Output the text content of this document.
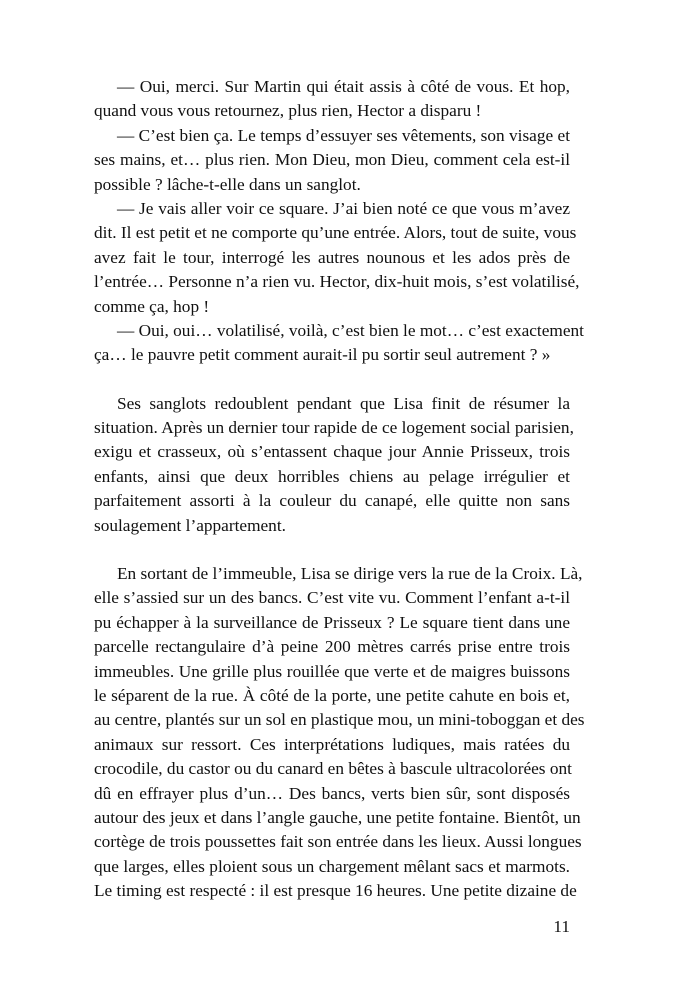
— Oui, merci. Sur Martin qui était assis à côté de vous. Et hop,
quand vous vous retournez, plus rien, Hector a disparu !
— C’est bien ça. Le temps d’essuyer ses vêtements, son visage et
ses mains, et… plus rien. Mon Dieu, mon Dieu, comment cela est-il
possible ? lâche-t-elle dans un sanglot.
— Je vais aller voir ce square. J’ai bien noté ce que vous m’avez
dit. Il est petit et ne comporte qu’une entrée. Alors, tout de suite, vous
avez fait le tour, interrogé les autres nounous et les ados près de
l’entrée… Personne n’a rien vu. Hector, dix-huit mois, s’est volatilisé,
comme ça, hop !
— Oui, oui… volatilisé, voilà, c’est bien le mot… c’est exactement
ça… le pauvre petit comment aurait-il pu sortir seul autrement ? »
Ses sanglots redoublent pendant que Lisa finit de résumer la
situation. Après un dernier tour rapide de ce logement social parisien,
exigu et crasseux, où s’entassent chaque jour Annie Prisseux, trois
enfants, ainsi que deux horribles chiens au pelage irrégulier et
parfaitement assorti à la couleur du canapé, elle quitte non sans
soulagement l’appartement.
En sortant de l’immeuble, Lisa se dirige vers la rue de la Croix. Là,
elle s’assied sur un des bancs. C’est vite vu. Comment l’enfant a-t-il
pu échapper à la surveillance de Prisseux ? Le square tient dans une
parcelle rectangulaire d’à peine 200 mètres carrés prise entre trois
immeubles. Une grille plus rouillée que verte et de maigres buissons
le séparent de la rue. À côté de la porte, une petite cahute en bois et,
au centre, plantés sur un sol en plastique mou, un mini-toboggan et des
animaux sur ressort. Ces interprétations ludiques, mais ratées du
crocodile, du castor ou du canard en bêtes à bascule ultracolorées ont
dû en effrayer plus d’un… Des bancs, verts bien sûr, sont disposés
autour des jeux et dans l’angle gauche, une petite fontaine. Bientôt, un
cortège de trois poussettes fait son entrée dans les lieux. Aussi longues
que larges, elles ploient sous un chargement mêlant sacs et marmots.
Le timing est respecté : il est presque 16 heures. Une petite dizaine de
11
